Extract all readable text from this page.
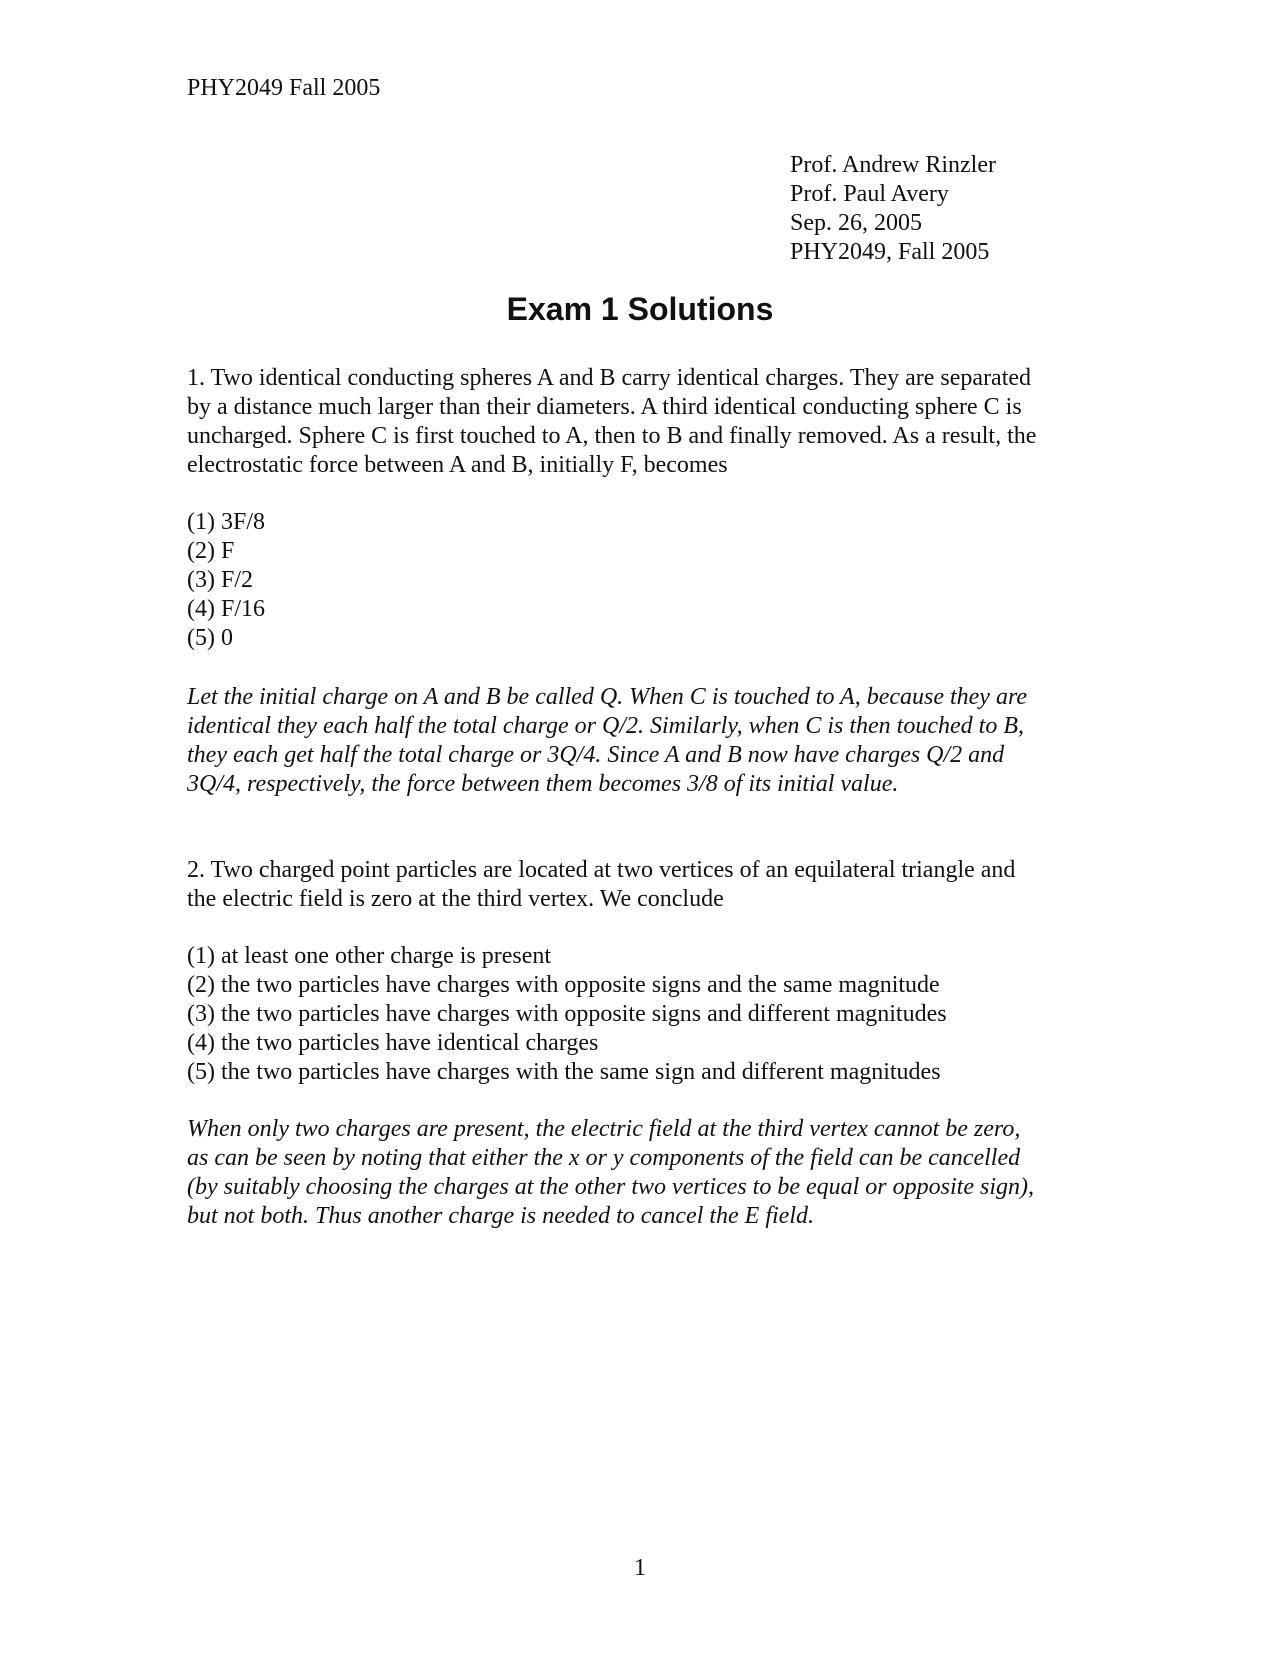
PHY2049 Fall 2005
Prof. Andrew Rinzler
Prof. Paul Avery
Sep. 26, 2005
PHY2049, Fall 2005
Exam 1 Solutions
1. Two identical conducting spheres A and B carry identical charges. They are separated
by a distance much larger than their diameters. A third identical conducting sphere C is
uncharged. Sphere C is first touched to A, then to B and finally removed. As a result, the
electrostatic force between A and B, initially F, becomes
(1) 3F/8
(2) F
(3) F/2
(4) F/16
(5) 0
Let the initial charge on A and B be called Q. When C is touched to A, because they are
identical they each half the total charge or Q/2. Similarly, when C is then touched to B,
they each get half the total charge or 3Q/4. Since A and B now have charges Q/2 and
3Q/4, respectively, the force between them becomes 3/8 of its initial value.
2. Two charged point particles are located at two vertices of an equilateral triangle and
the electric field is zero at the third vertex. We conclude
(1) at least one other charge is present
(2) the two particles have charges with opposite signs and the same magnitude
(3) the two particles have charges with opposite signs and different magnitudes
(4) the two particles have identical charges
(5) the two particles have charges with the same sign and different magnitudes
When only two charges are present, the electric field at the third vertex cannot be zero,
as can be seen by noting that either the x or y components of the field can be cancelled
(by suitably choosing the charges at the other two vertices to be equal or opposite sign),
but not both. Thus another charge is needed to cancel the E field.
1
